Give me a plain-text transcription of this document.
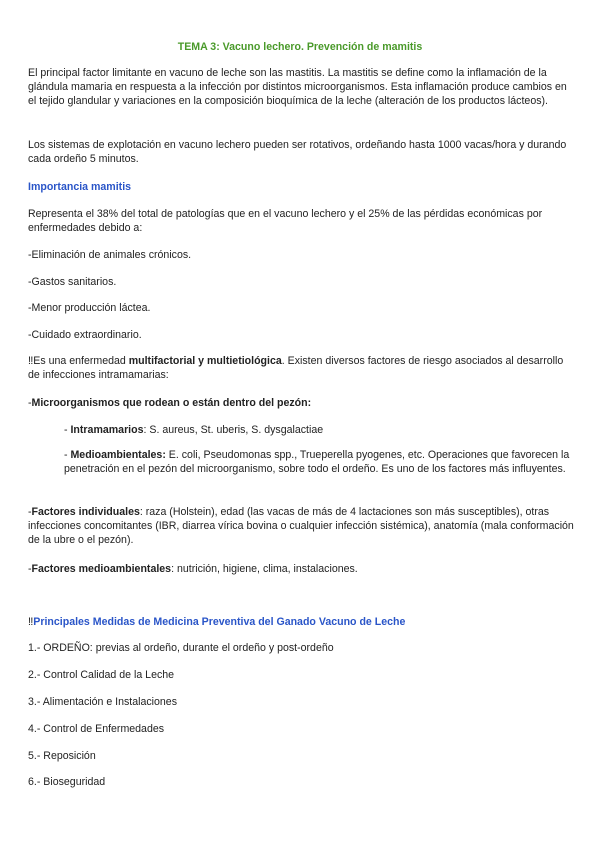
TEMA 3: Vacuno lechero. Prevención de mamitis

El principal factor limitante en vacuno de leche son las mastitis. La mastitis se define como la inflamación de la glándula mamaria en respuesta a la infección por distintos microorganismos. Esta inflamación produce cambios en el tejido glandular y variaciones en la composición bioquímica de la leche (alteración de los productos lácteos).

Los sistemas de explotación en vacuno lechero pueden ser rotativos, ordeñando hasta 1000 vacas/hora y durando cada ordeño 5 minutos.

Importancia mamitis

Representa el 38% del total de patologías que en el vacuno lechero y el 25% de las pérdidas económicas por enfermedades debido a:

-Eliminación de animales crónicos.

-Gastos sanitarios.

-Menor producción láctea.

-Cuidado extraordinario.

‼Es una enfermedad multifactorial y multietiológica. Existen diversos factores de riesgo asociados al desarrollo de infecciones intramamarias:

-Microorganismos que rodean o están dentro del pezón:

- Intramamarios: S. aureus, St. uberis, S. dysgalactiae

- Medioambientales: E. coli, Pseudomonas spp., Trueperella pyogenes, etc. Operaciones que favorecen la penetración en el pezón del microorganismo, sobre todo el ordeño. Es uno de los factores más influyentes.

-Factores individuales: raza (Holstein), edad (las vacas de más de 4 lactaciones son más susceptibles), otras infecciones concomitantes (IBR, diarrea vírica bovina o cualquier infección sistémica), anatomía (mala conformación de la ubre o el pezón).

-Factores medioambientales: nutrición, higiene, clima, instalaciones.

‼Principales Medidas de Medicina Preventiva del Ganado Vacuno de Leche

1.- ORDEÑO: previas al ordeño, durante el ordeño y post-ordeño

2.- Control Calidad de la Leche

3.- Alimentación e Instalaciones

4.- Control de Enfermedades

5.- Reposición

6.- Bioseguridad
